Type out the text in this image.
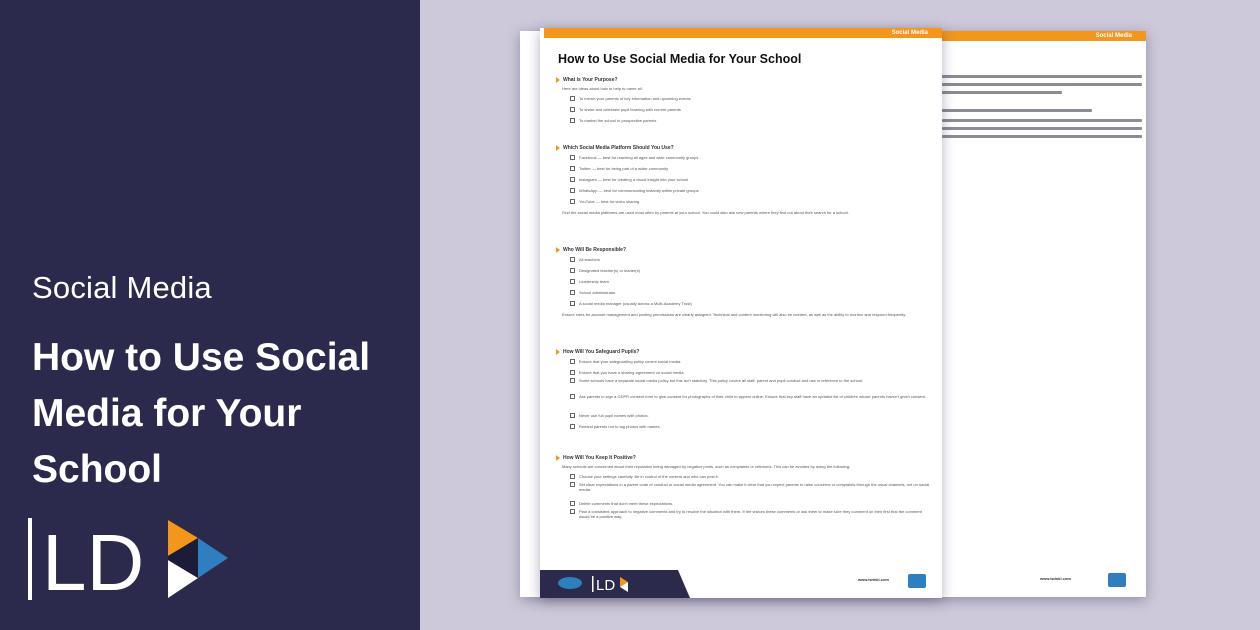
Social Media
How to Use Social Media for Your School
LD
Social Media
www.twinkl.com
Social Media
How to Use Social Media for Your School
What is Your Purpose?
Here are ideas about how to help to name all.
To inform your parents of key information and upcoming events
To share and celebrate pupil learning with current parents
To market the school to prospective parents
Which Social Media Platform Should You Use?
Facebook — best for reaching all ages and wide community groups
Twitter — best for being part of a wider community
Instagram — best for creating a visual insight into your school
WhatsApp — best for communicating instantly within private groups
YouTube — best for video sharing
Find the social media platforms are used most often by parents at your school. You could also ask new parents where they find out about their search for a school.
Who Will Be Responsible?
All teachers
Designated teacher(s) or leader(s)
Leadership team
School administrator
A social media manager (usually across a Multi-Academy Trust)
Ensure roles for account management and posting permissions are clearly assigned. Technical and content monitoring will also be needed, as well as the ability to monitor and respond frequently.
How Will You Safeguard Pupils?
Ensure that your safeguarding policy covers social media.
Ensure that you have a sharing agreement on social media.
Some schools have a separate social media policy but this isn't statutory. This policy covers all staff, parent and pupil conduct and use in reference to the school.
Ask parents to sign a GDPR consent form to give consent for photographs of their child to appear online. Ensure that key staff have an updated list of children whose parents haven't given consent.
Never use full pupil names with photos.
Remind parents not to tag photos with names.
How Will You Keep It Positive?
Many schools are concerned about their reputation being damaged by negative posts, such as complaints or criticisms. This can be avoided by doing the following:
Choose your settings carefully. Be in control of the content and who can post it.
Set clear expectations in a parent code of conduct or social media agreement. You can make it clear that you expect parents to raise concerns or complaints through the usual channels, not on social media.
Delete comments that don't meet these expectations.
Plan a consistent approach to negative comments and try to resolve the situation with them. If the visitors these comments or ask them to make sure they comment on their first that the comment would be a positive way.
LD	www.twinkl.com
